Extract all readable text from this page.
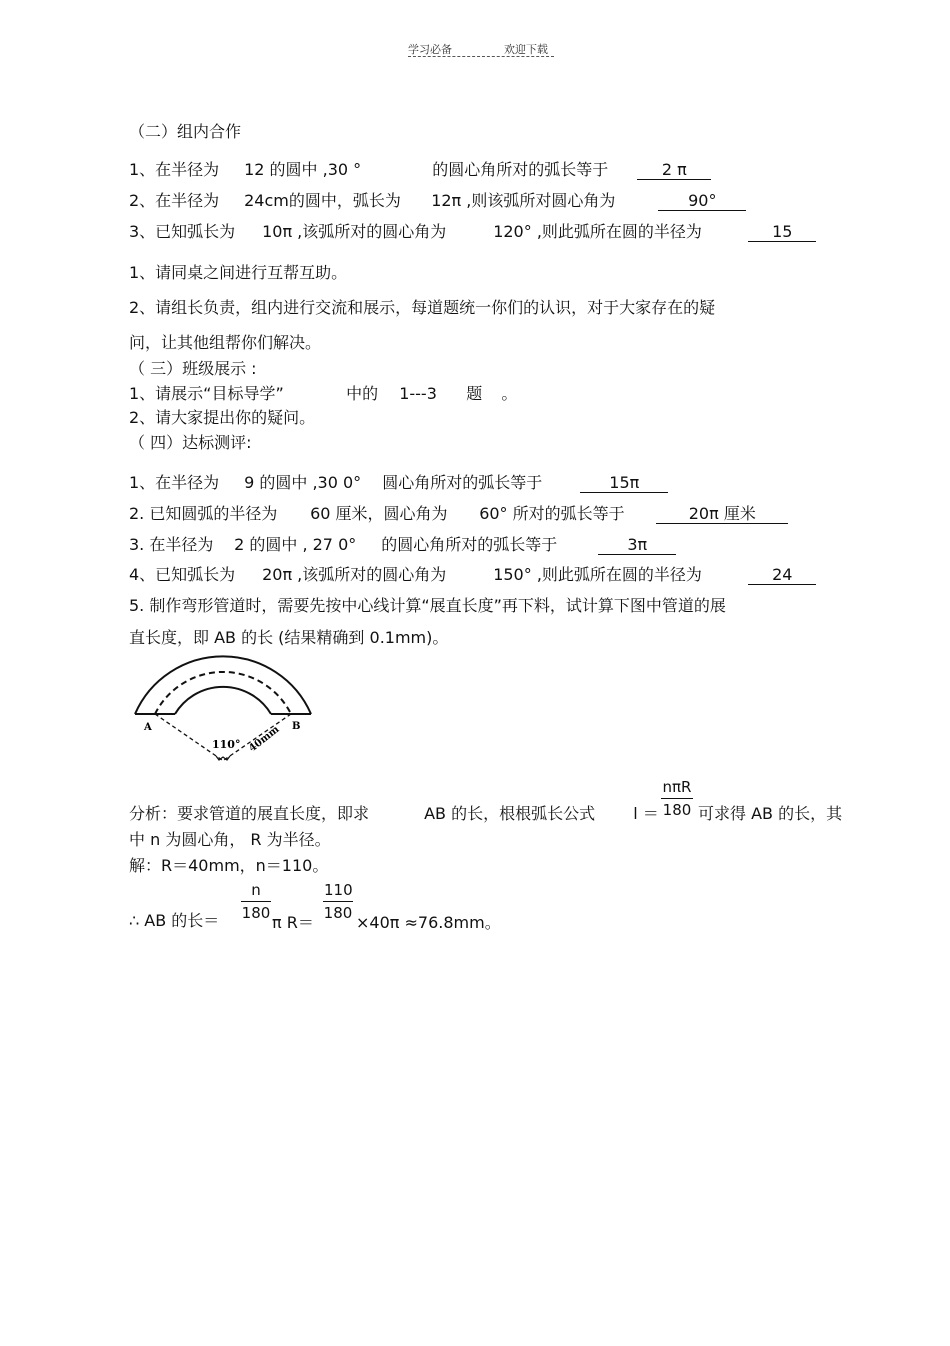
学习必备	欢迎下载
（二）组内合作
1、在半径为 12 的圆中 ,30 °	的圆心角所对的弧长等于	2 π
2、在半径为 24cm的圆中，弧长为 12π ,则该弧所对圆心角为	90°
3、已知弧长为 10π ,该弧所对的圆心角为	120° ,则此弧所在圆的半径为	15
1、请同桌之间进行互帮互助。
2、请组长负责，组内进行交流和展示，每道题统一你们的认识，对于大家存在的疑
问，让其他组帮你们解决。
（ 三）班级展示 :
1、请展示“目标导学”	中的 1---3 题 。
2、请大家提出你的疑问。
（ 四）达标测评:
1、在半径为 9 的圆中 ,30 0° 圆心角所对的弧长等于	15π
2. 已知圆弧的半径为 60 厘米，圆心角为 60° 所对的弧长等于	20π 厘米
3. 在半径为 2 的圆中 , 27 0° 的圆心角所对的弧长等于	3π
4、已知弧长为 20π ,该弧所对的圆心角为	150° ,则此弧所在圆的半径为	24
5. 制作弯形管道时，需要先按中心线计算“展直长度”再下料，试计算下图中管道的展
直长度，即 AB 的长 (结果精确到 0.1mm)。
A	B
110° 40mm
nπR
180
分析：要求管道的展直长度，即求	AB 的长，根根弧长公式 l ＝	可求得 AB 的长，其
中 n 为圆心角， R 为半径。
解：R＝40mm，n＝110。
$\frac{n}{180}$	$\frac{110}{180}$
∴ AB 的长＝	π R＝	×40π ≈76.8mm。
